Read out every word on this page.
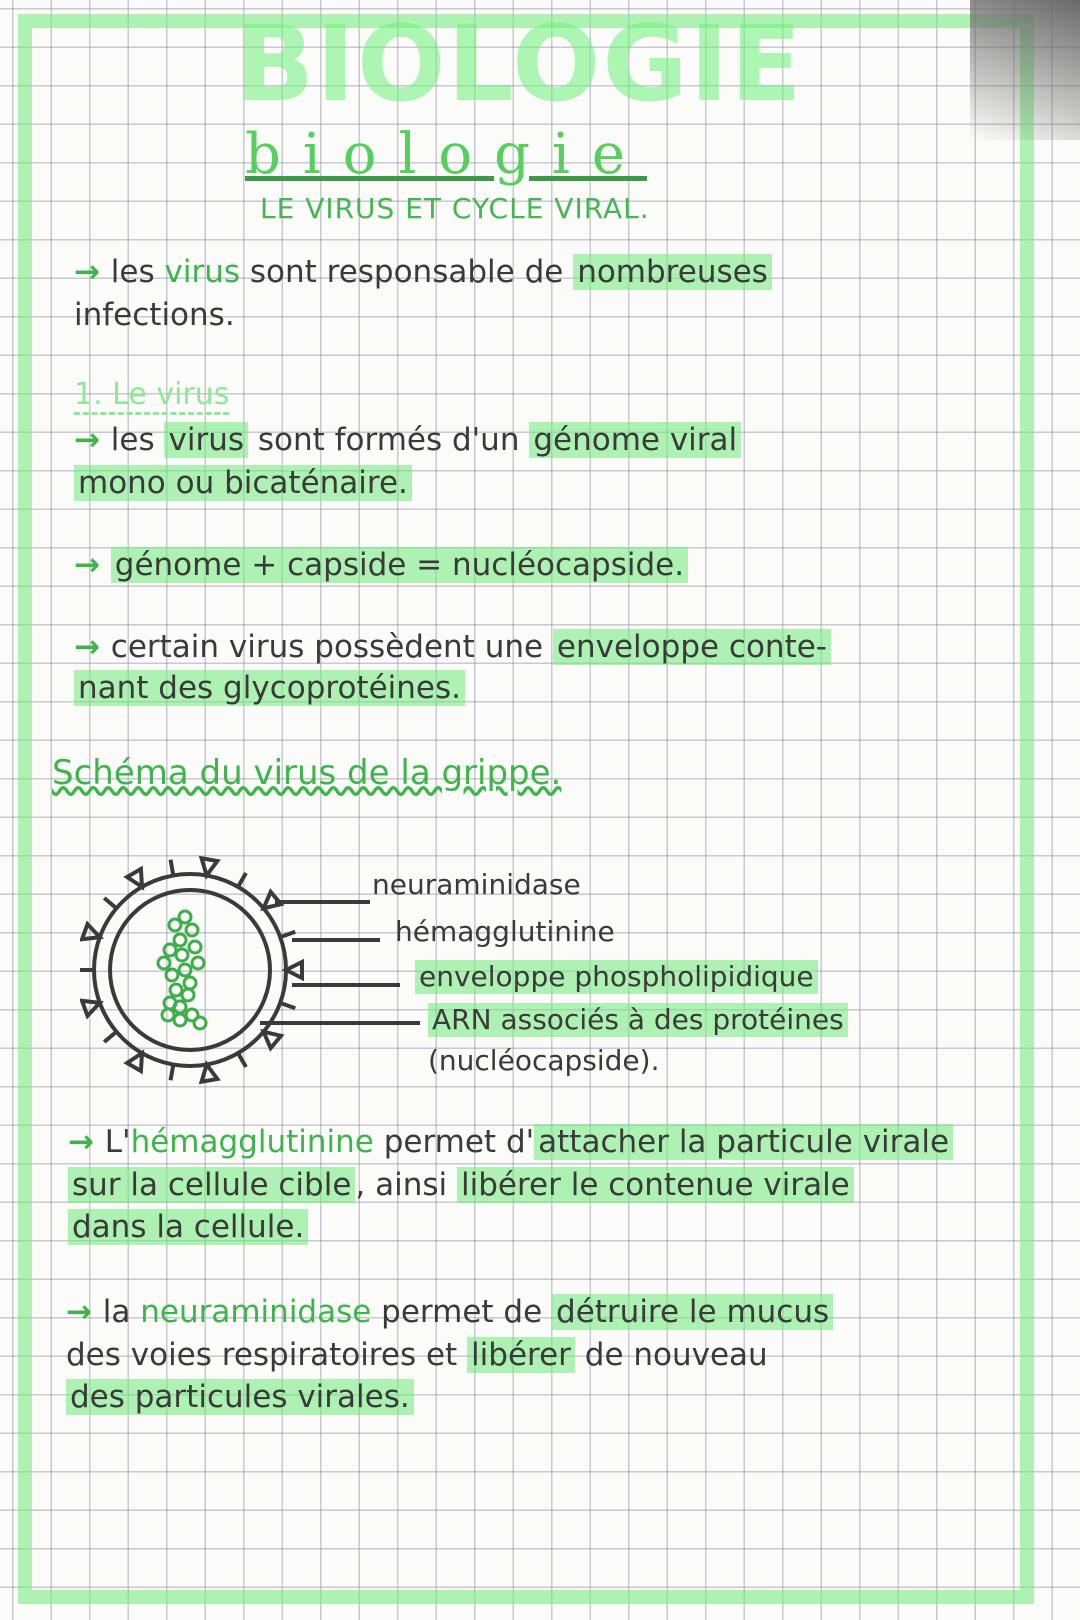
BIOLOGIE
biologie
LE VIRUS ET CYCLE VIRAL.
→ les virus sont responsable de nombreuses
infections.
1. Le virus
→ les virus sont formés d'un génome viral
mono ou bicaténaire.
→ génome + capside = nucléocapside.
→ certain virus possèdent une enveloppe conte-
nant des glycoprotéines.
Schéma du virus de la grippe.
neuraminidase
hémagglutinine
enveloppe phospholipidique
ARN associés à des protéines
(nucléocapside).
→ L'hémagglutinine permet d' attacher la particule virale
sur la cellule cible , ainsi libérer le contenue virale
dans la cellule.
→ la neuraminidase permet de détruire le mucus
des voies respiratoires et libérer de nouveau
des particules virales.
